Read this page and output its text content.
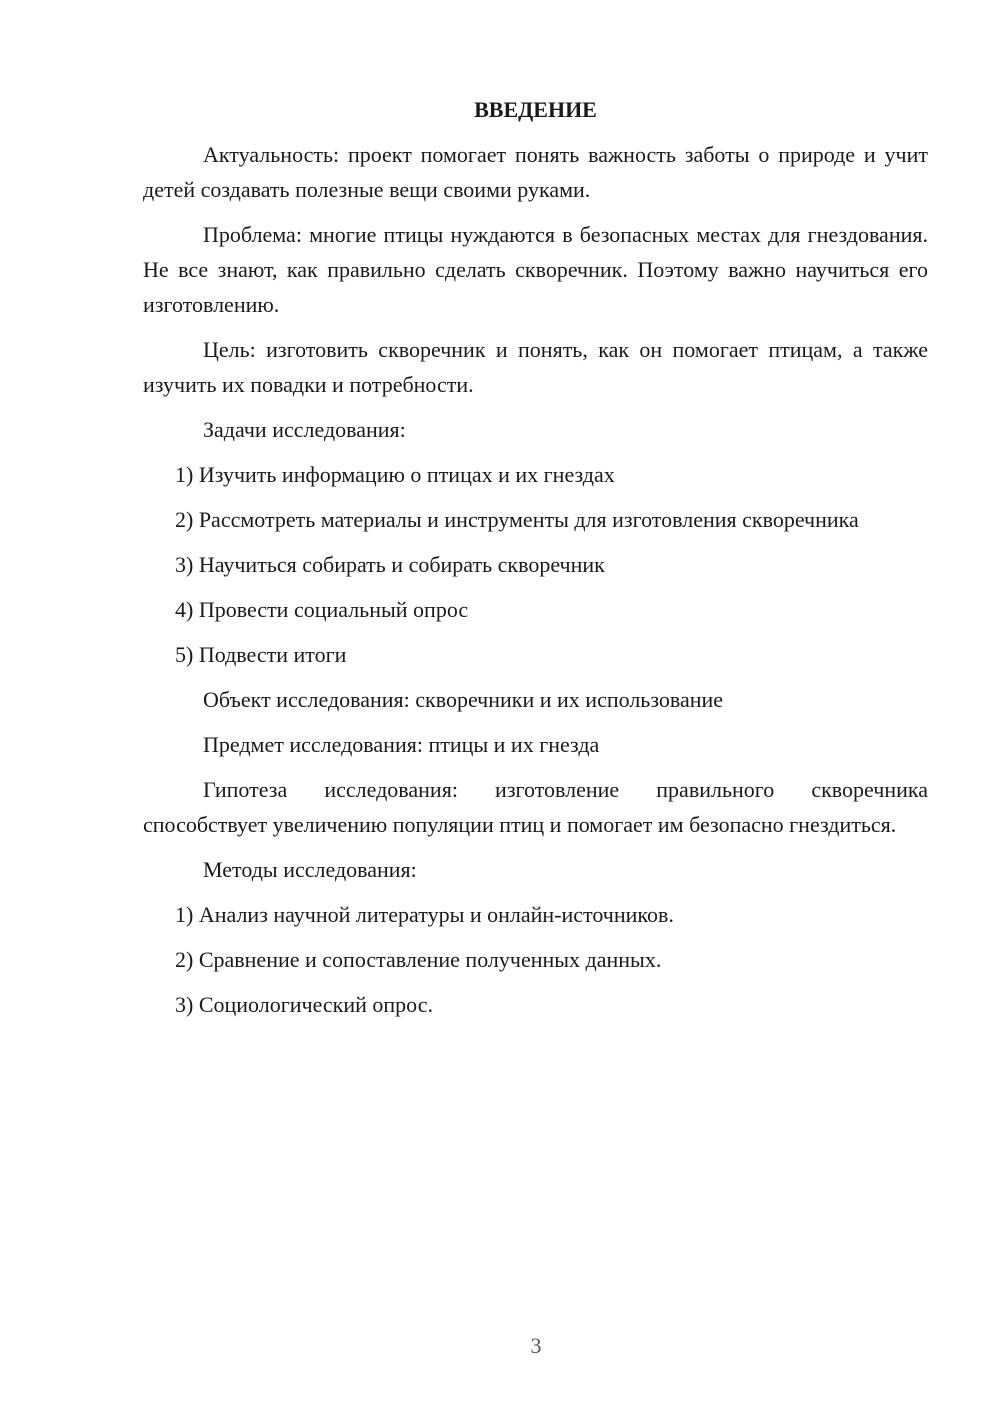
ВВЕДЕНИЕ

Актуальность: проект помогает понять важность заботы о природе и учит детей создавать полезные вещи своими руками.

Проблема: многие птицы нуждаются в безопасных местах для гнездования. Не все знают, как правильно сделать скворечник. Поэтому важно научиться его изготовлению.

Цель: изготовить скворечник и понять, как он помогает птицам, а также изучить их повадки и потребности.

Задачи исследования:

1) Изучить информацию о птицах и их гнездах

2) Рассмотреть материалы и инструменты для изготовления скворечника

3) Научиться собирать и собирать скворечник

4) Провести социальный опрос

5) Подвести итоги

Объект исследования: скворечники и их использование

Предмет исследования: птицы и их гнезда

Гипотеза исследования: изготовление правильного скворечника способствует увеличению популяции птиц и помогает им безопасно гнездиться.

Методы исследования:

1) Анализ научной литературы и онлайн-источников.

2) Сравнение и сопоставление полученных данных.

3) Социологический опрос.

3
